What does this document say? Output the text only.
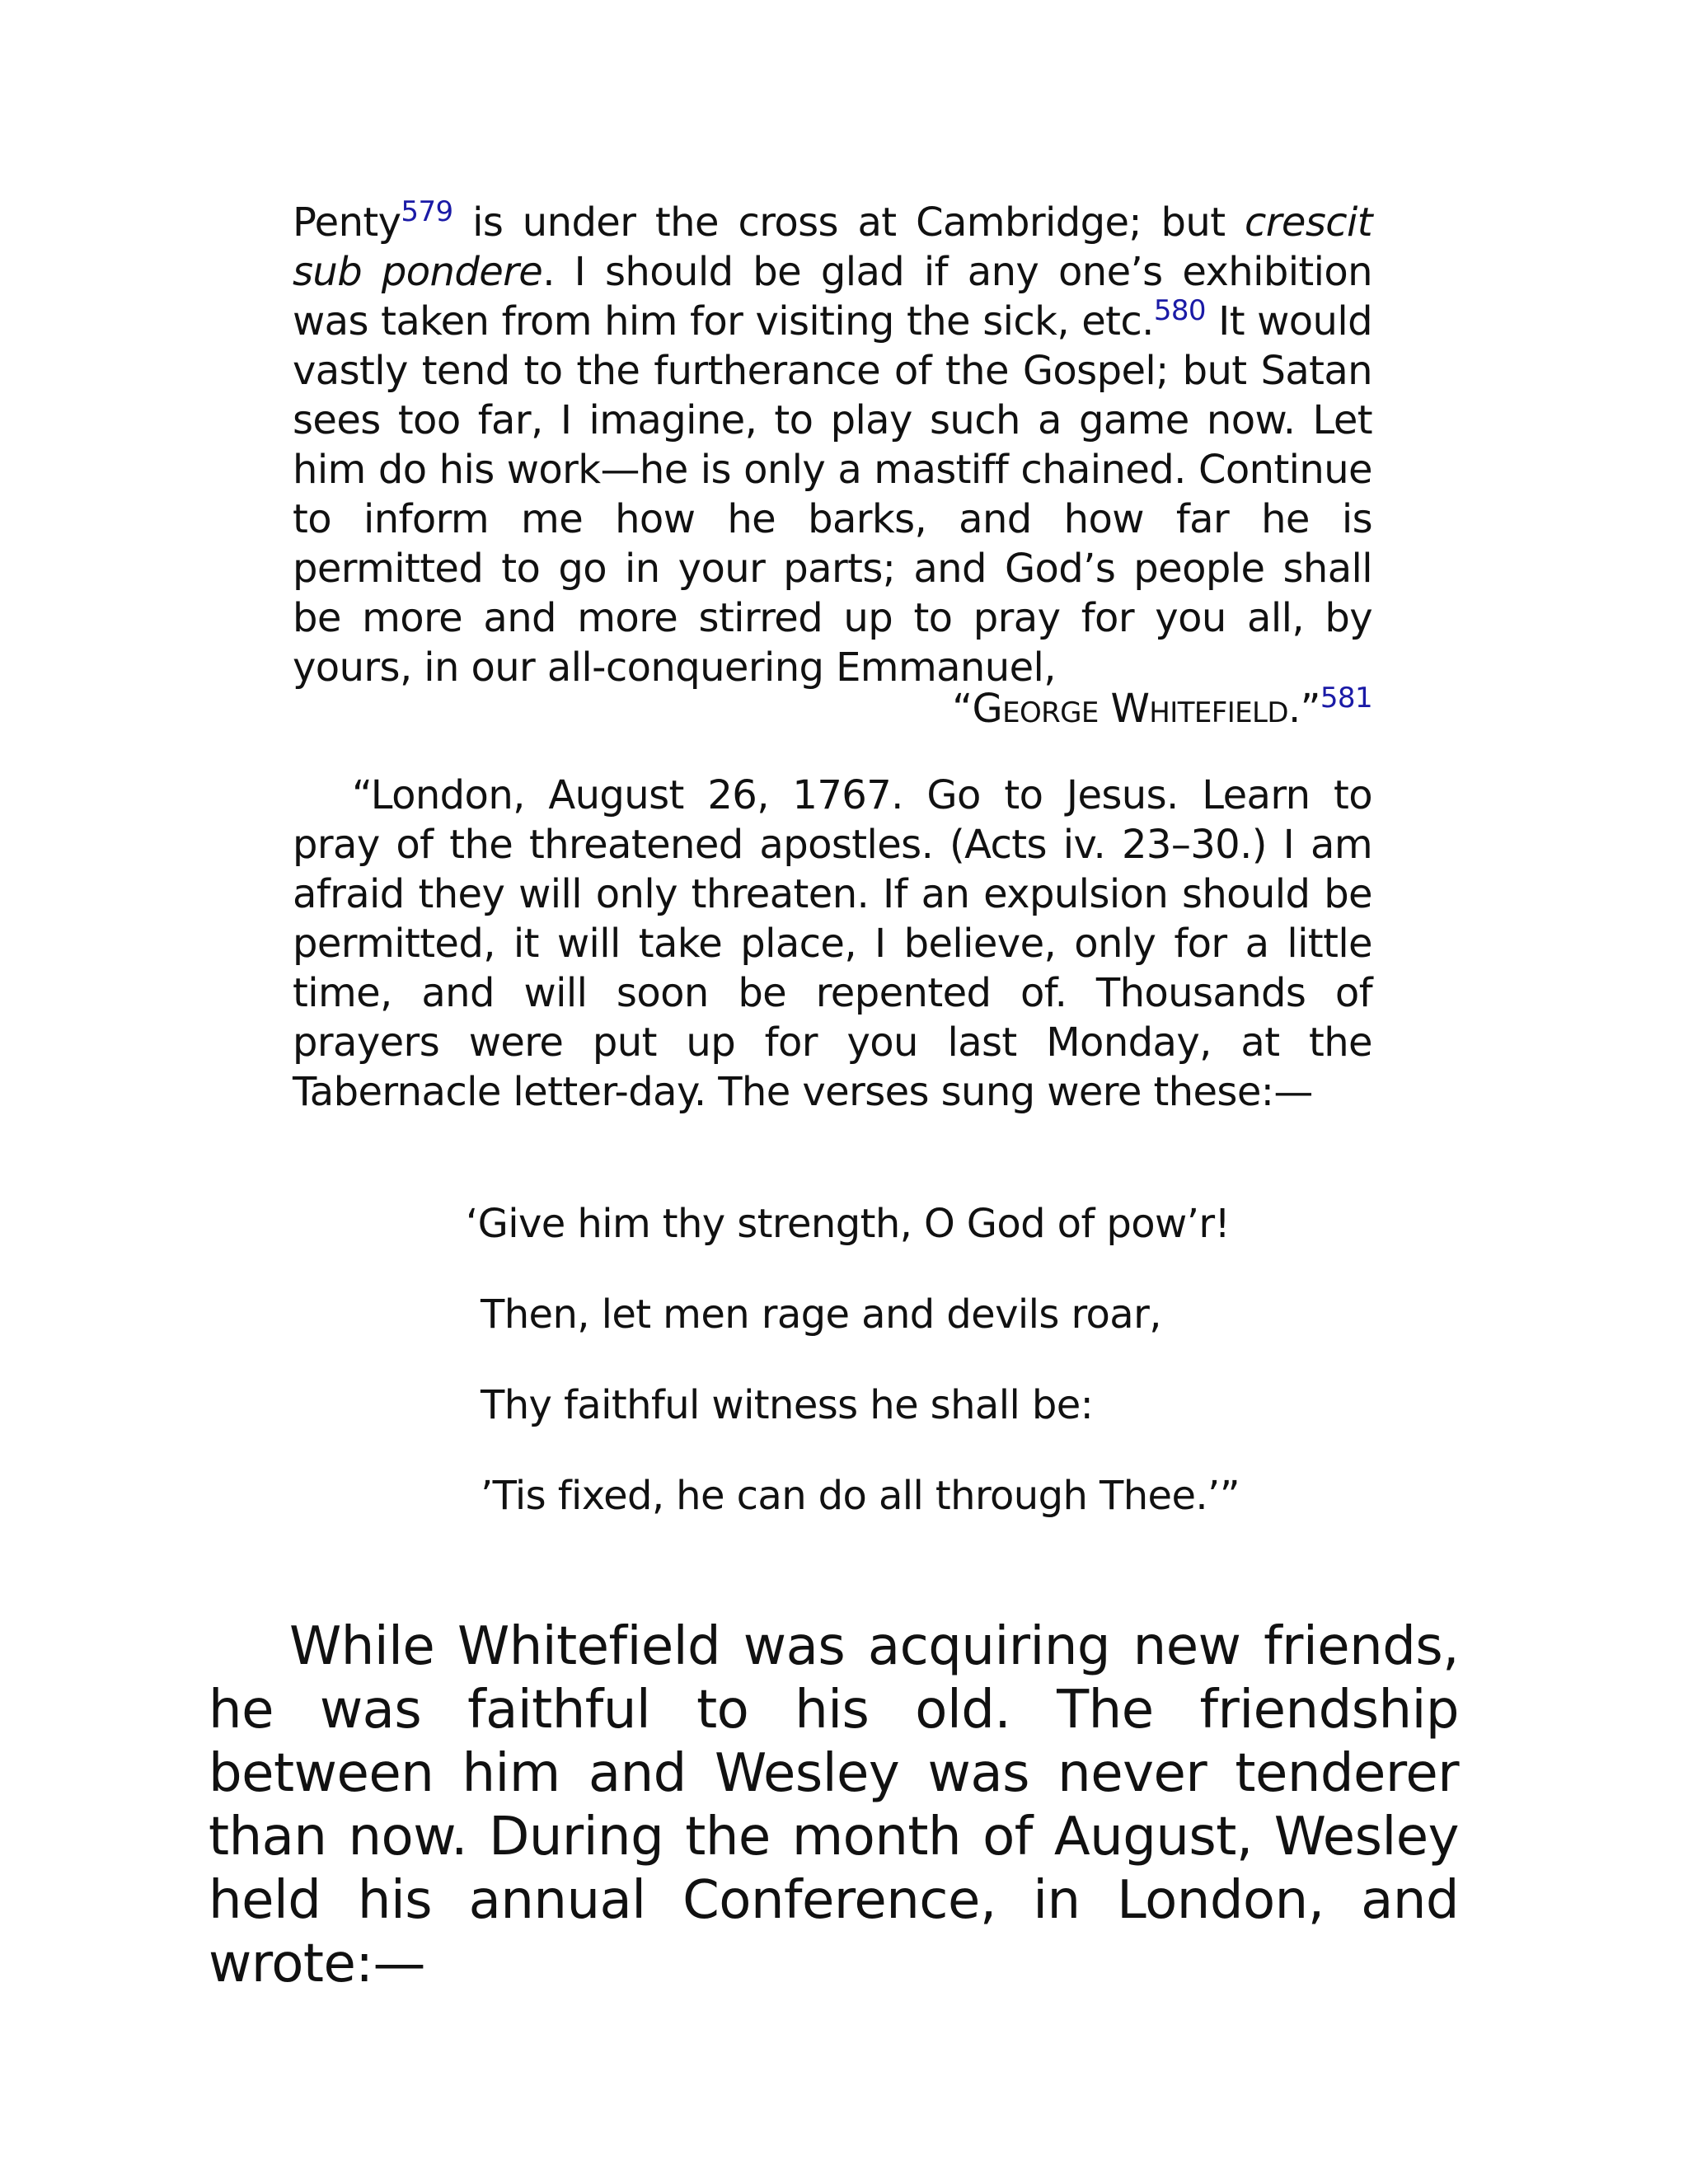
Penty$^{579}$ is under the cross at Cambridge; but crescit sub pondere. I should be glad if any one’s exhibition was taken from him for visiting the sick, etc.$^{580}$ It would vastly tend to the furtherance of the Gospel; but Satan sees too far, I imagine, to play such a game now. Let him do his work—he is only a mastiff chained. Continue to inform me how he barks, and how far he is permitted to go in your parts; and God’s people shall be more and more stirred up to pray for you all, by yours, in our all-conquering Emmanuel,

“George Whitefield.”$^{581}$

“London, August 26, 1767. Go to Jesus. Learn to pray of the threatened apostles. (Acts iv. 23–30.) I am afraid they will only threaten. If an expulsion should be permitted, it will take place, I believe, only for a little time, and will soon be repented of. Thousands of prayers were put up for you last Monday, at the Tabernacle letter-day. The verses sung were these:—

‘Give him thy strength, O God of pow’r!
Then, let men rage and devils roar,
Thy faithful witness he shall be:
’Tis fixed, he can do all through Thee.’”

While Whitefield was acquiring new friends, he was faithful to his old. The friendship between him and Wesley was never tenderer than now. During the month of August, Wesley held his annual Conference, in London, and wrote:—
